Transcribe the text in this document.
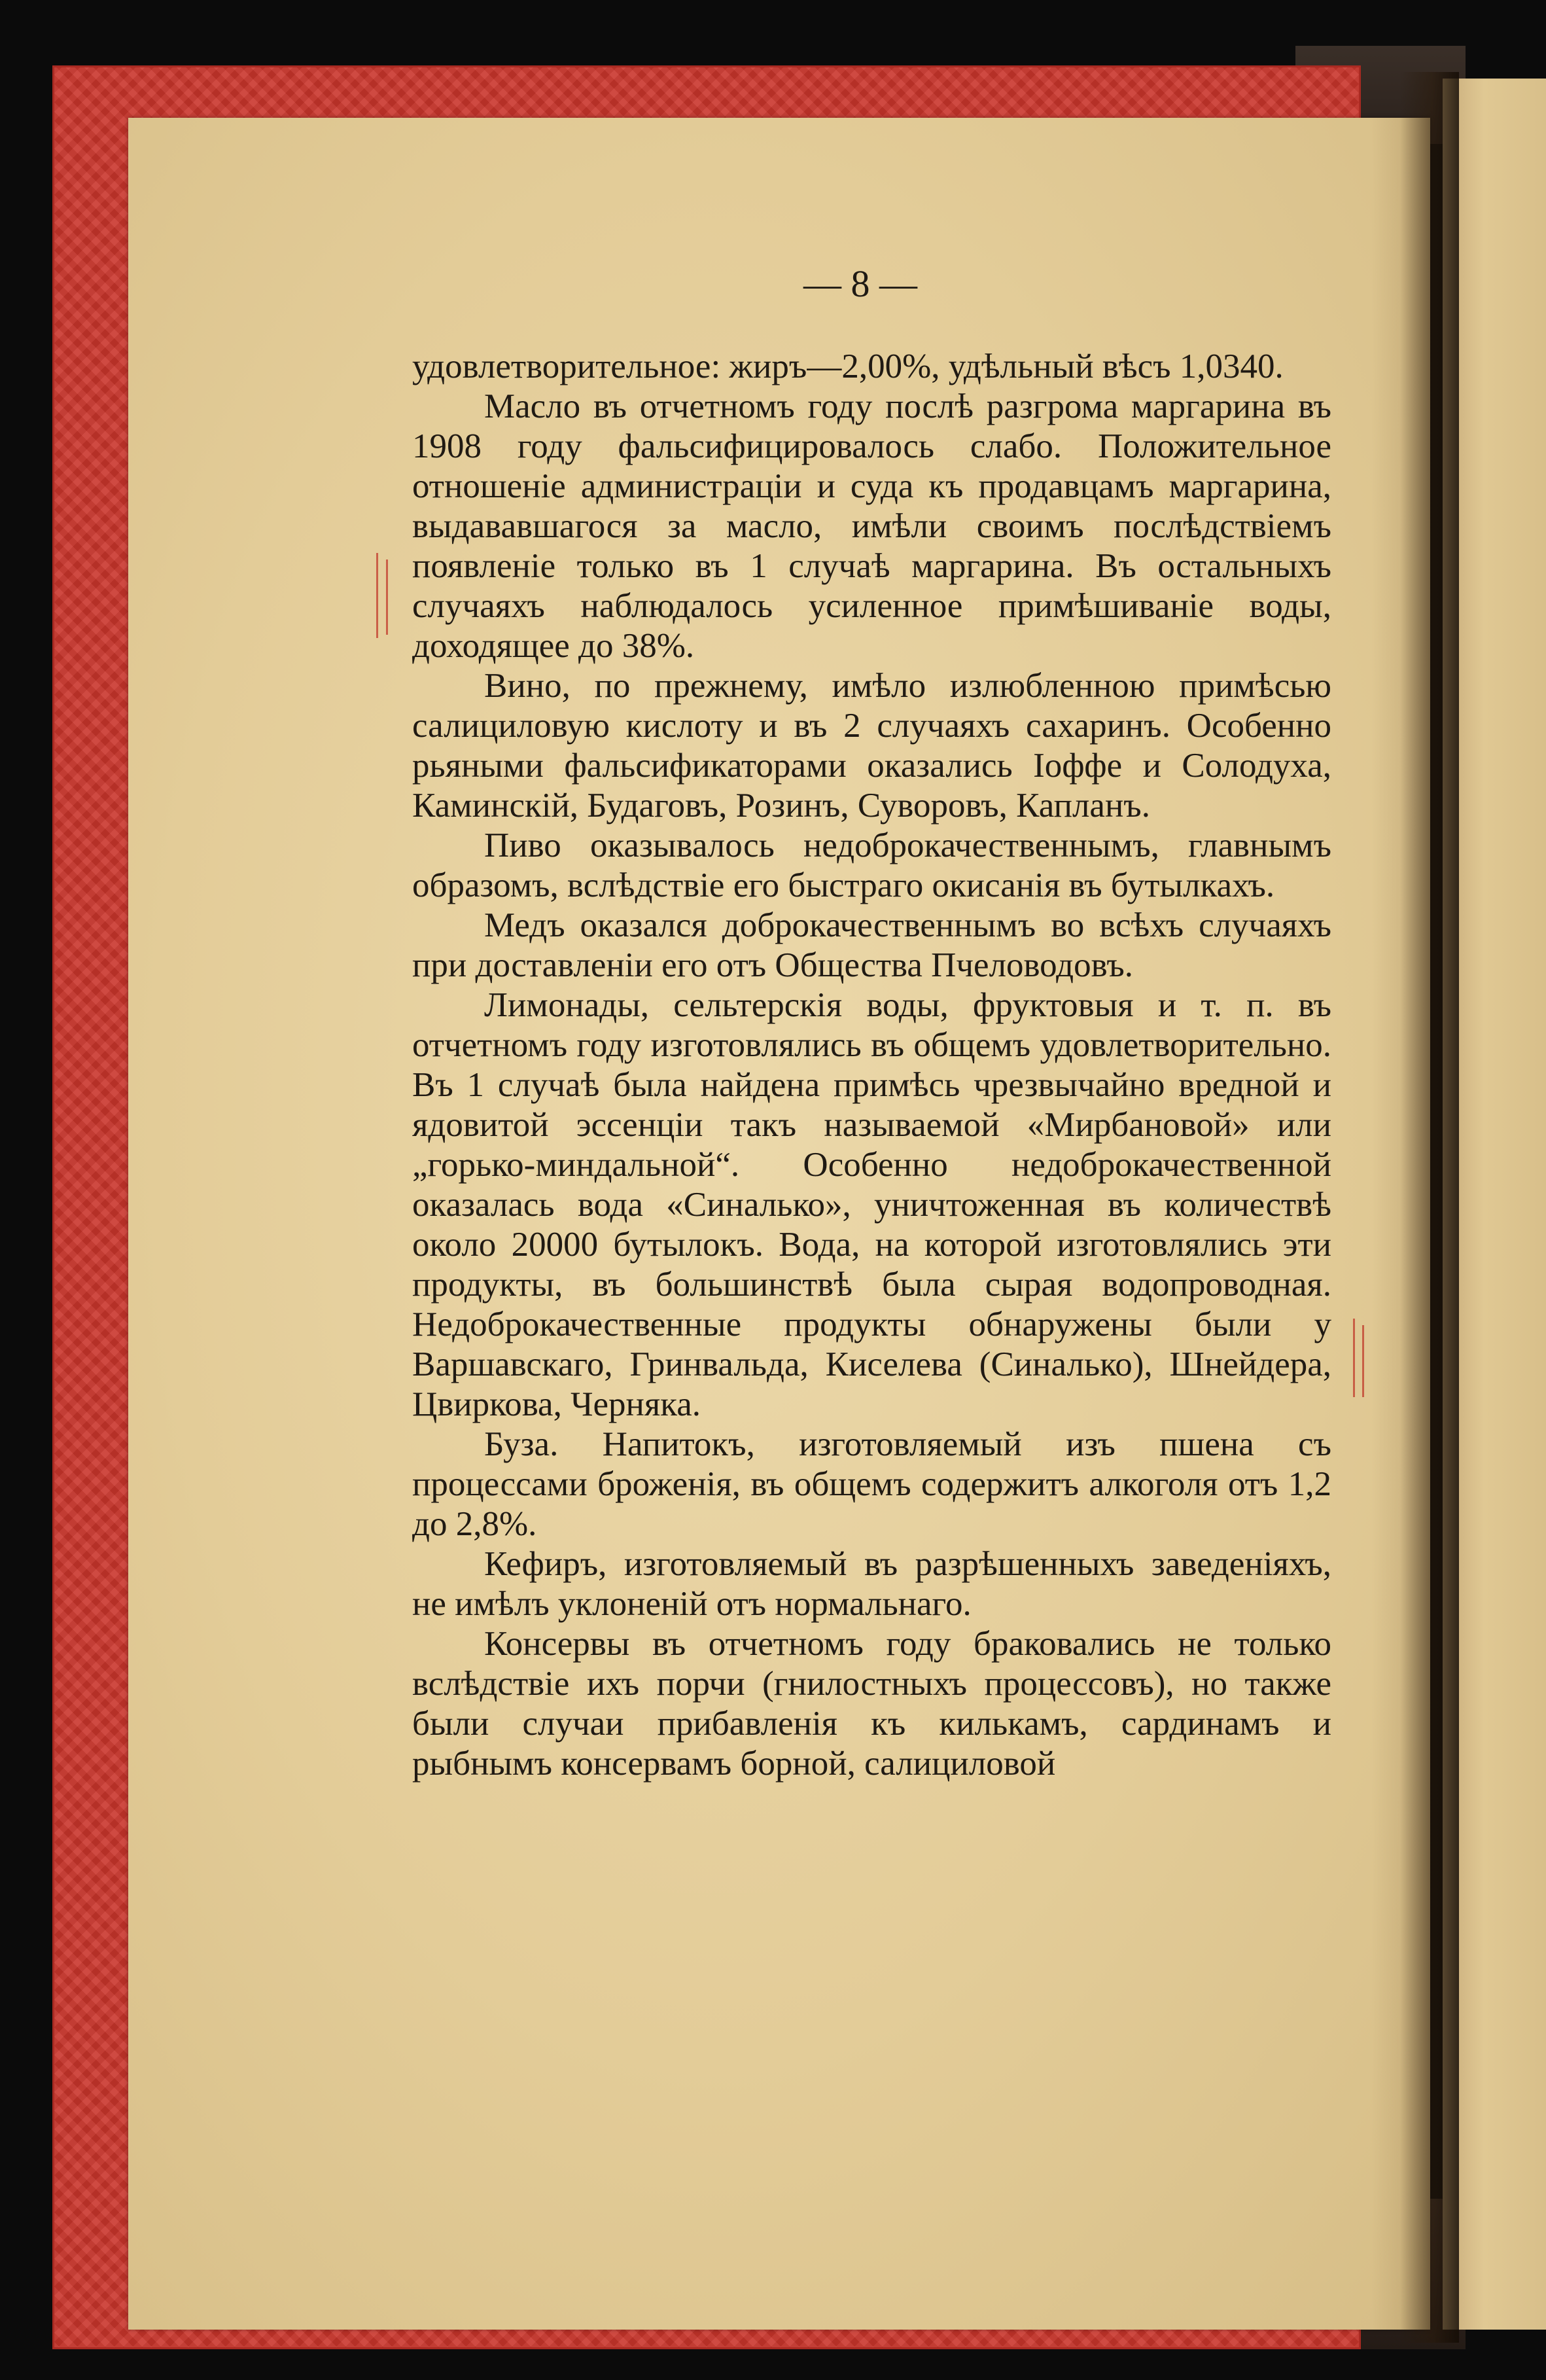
— 8 —

удовлетворительное: жиръ—2,00%, удѣльный вѣсъ 1,0340.

Масло въ отчетномъ году послѣ разгрома маргарина въ 1908 году фальсифицировалось слабо. Положительное отношеніе администраціи и суда къ продавцамъ маргарина, выдававшагося за масло, имѣли своимъ послѣдствіемъ появленіе только въ 1 случаѣ маргарина. Въ остальныхъ случаяхъ наблюдалось усиленное примѣшиваніе воды, доходящее до 38%.

Вино, по прежнему, имѣло излюбленною примѣсью салициловую кислоту и въ 2 случаяхъ сахаринъ. Особенно рьяными фальсификаторами оказались Іоффе и Солодуха, Каминскій, Будаговъ, Розинъ, Суворовъ, Капланъ.

Пиво оказывалось недоброкачественнымъ, главнымъ образомъ, вслѣдствіе его быстраго окисанія въ бутылкахъ.

Медъ оказался доброкачественнымъ во всѣхъ случаяхъ при доставленіи его отъ Общества Пчеловодовъ.

Лимонады, сельтерскія воды, фруктовыя и т. п. въ отчетномъ году изготовлялись въ общемъ удовлетворительно. Въ 1 случаѣ была найдена примѣсь чрезвычайно вредной и ядовитой эссенціи такъ называемой «Мирбановой» или „горько-миндальной“. Особенно недоброкачественной оказалась вода «Синалько», уничтоженная въ количествѣ около 20000 бутылокъ. Вода, на которой изготовлялись эти продукты, въ большинствѣ была сырая водопроводная. Недоброкачественные продукты обнаружены были у Варшавскаго, Гринвальда, Киселева (Синалько), Шнейдера, Цвиркова, Черняка.

Буза. Напитокъ, изготовляемый изъ пшена съ процессами броженія, въ общемъ содержитъ алкоголя отъ 1,2 до 2,8%.

Кефиръ, изготовляемый въ разрѣшенныхъ заведеніяхъ, не имѣлъ уклоненій отъ нормальнаго.

Консервы въ отчетномъ году браковались не только вслѣдствіе ихъ порчи (гнилостныхъ процессовъ), но также были случаи прибавленія къ килькамъ, сардинамъ и рыбнымъ консервамъ борной, салициловой
